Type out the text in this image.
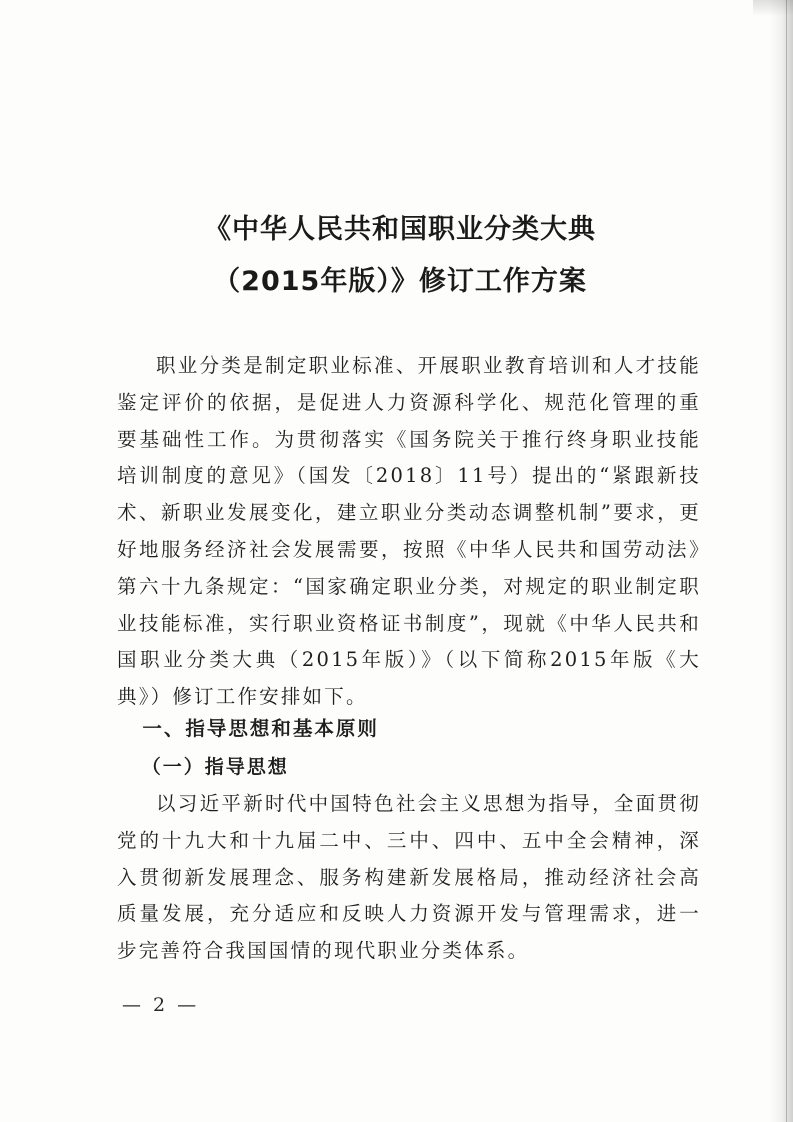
《中华人民共和国职业分类大典
（2015年版）》修订工作方案

职业分类是制定职业标准、开展职业教育培训和人才技能鉴定评价的依据，是促进人力资源科学化、规范化管理的重要基础性工作。为贯彻落实《国务院关于推行终身职业技能培训制度的意见》（国发〔2018〕11号）提出的“紧跟新技术、新职业发展变化，建立职业分类动态调整机制”要求，更好地服务经济社会发展需要，按照《中华人民共和国劳动法》第六十九条规定：“国家确定职业分类，对规定的职业制定职业技能标准，实行职业资格证书制度”，现就《中华人民共和国职业分类大典（2015年版）》（以下简称2015年版《大典》）修订工作安排如下。

一、指导思想和基本原则

（一）指导思想

以习近平新时代中国特色社会主义思想为指导，全面贯彻党的十九大和十九届二中、三中、四中、五中全会精神，深入贯彻新发展理念、服务构建新发展格局，推动经济社会高质量发展，充分适应和反映人力资源开发与管理需求，进一步完善符合我国国情的现代职业分类体系。

— 2 —
